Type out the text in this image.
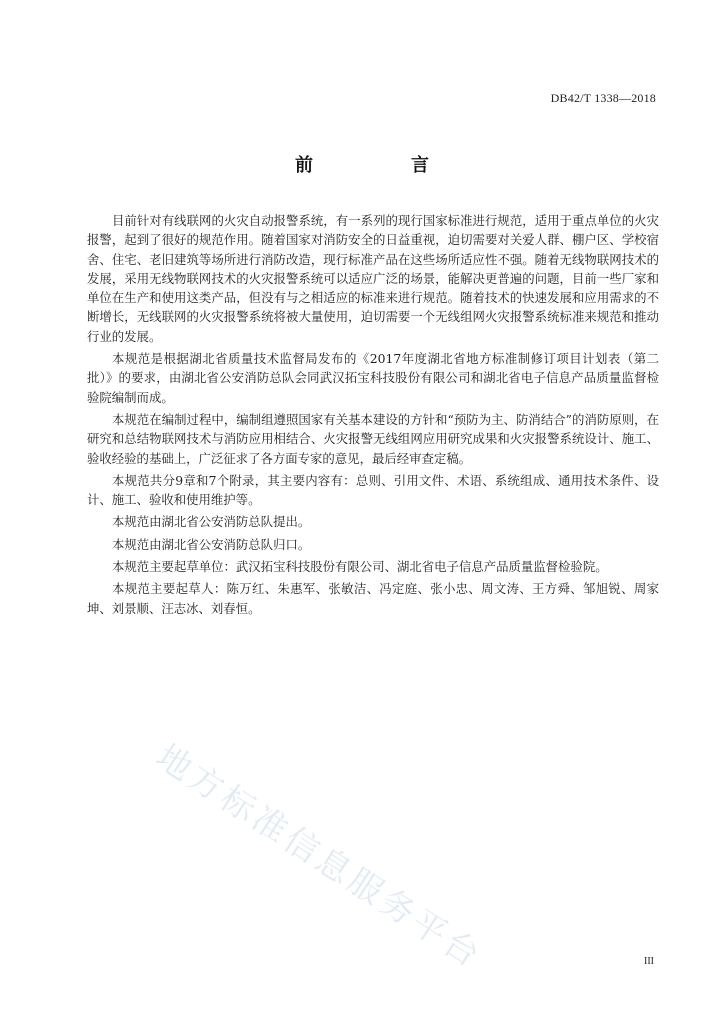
DB42/T 1338—2018
前　言

目前针对有线联网的火灾自动报警系统，有一系列的现行国家标准进行规范，适用于重点单位的火灾报警，起到了很好的规范作用。随着国家对消防安全的日益重视，迫切需要对关爱人群、棚户区、学校宿舍、住宅、老旧建筑等场所进行消防改造，现行标准产品在这些场所适应性不强。随着无线物联网技术的发展，采用无线物联网技术的火灾报警系统可以适应广泛的场景，能解决更普遍的问题，目前一些厂家和单位在生产和使用这类产品，但没有与之相适应的标准来进行规范。随着技术的快速发展和应用需求的不断增长，无线联网的火灾报警系统将被大量使用，迫切需要一个无线组网火灾报警系统标准来规范和推动行业的发展。

本规范是根据湖北省质量技术监督局发布的《2017年度湖北省地方标准制修订项目计划表（第二批）》的要求，由湖北省公安消防总队会同武汉拓宝科技股份有限公司和湖北省电子信息产品质量监督检验院编制而成。

本规范在编制过程中，编制组遵照国家有关基本建设的方针和“预防为主、防消结合”的消防原则，在研究和总结物联网技术与消防应用相结合、火灾报警无线组网应用研究成果和火灾报警系统设计、施工、验收经验的基础上，广泛征求了各方面专家的意见，最后经审查定稿。

本规范共分9章和7个附录，其主要内容有：总则、引用文件、术语、系统组成、通用技术条件、设计、施工、验收和使用维护等。

本规范由湖北省公安消防总队提出。

本规范由湖北省公安消防总队归口。

本规范主要起草单位：武汉拓宝科技股份有限公司、湖北省电子信息产品质量监督检验院。

本规范主要起草人：陈万红、朱惠军、张敏洁、冯定庭、张小忠、周文涛、王方舜、邹旭锐、周家坤、刘景顺、汪志冰、刘春恒。

地方标准信息服务平台	III
